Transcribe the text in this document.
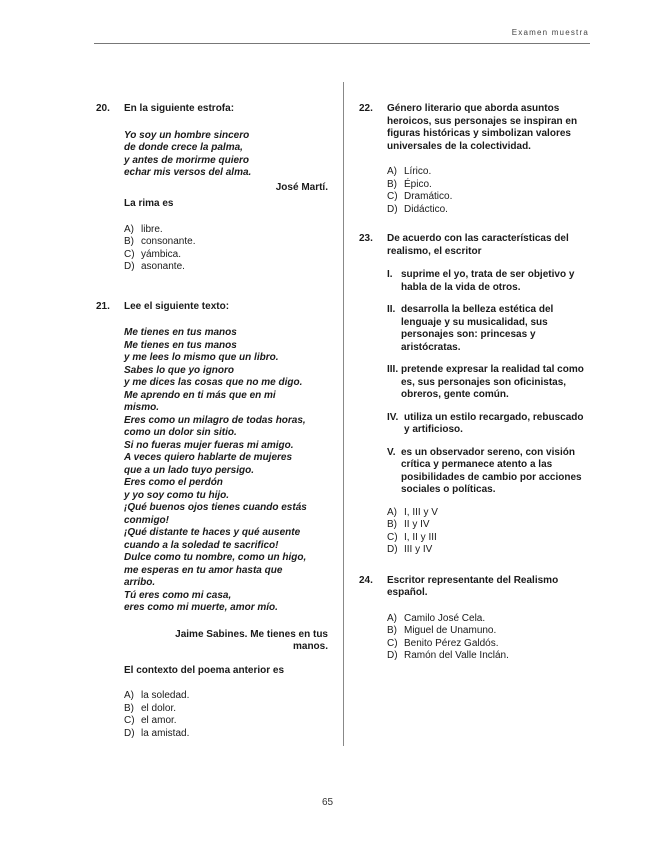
Examen muestra
20. En la siguiente estrofa:
Yo soy un hombre sincero
de donde crece la palma,
y antes de morirme quiero
echar mis versos del alma.
José Martí.
La rima es
A) libre.
B) consonante.
C) yámbica.
D) asonante.
21. Lee el siguiente texto:
Me tienes en tus manos
Me tienes en tus manos
y me lees lo mismo que un libro.
Sabes lo que yo ignoro
y me dices las cosas que no me digo.
Me aprendo en ti más que en mi
mismo.
Eres como un milagro de todas horas,
como un dolor sin sitio.
Si no fueras mujer fueras mi amigo.
A veces quiero hablarte de mujeres
que a un lado tuyo persigo.
Eres como el perdón
y yo soy como tu hijo.
¡Qué buenos ojos tienes cuando estás
conmigo!
¡Qué distante te haces y qué ausente
cuando a la soledad te sacrifico!
Dulce como tu nombre, como un higo,
me esperas en tu amor hasta que
arribo.
Tú eres como mi casa,
eres como mi muerte, amor mío.
Jaime Sabines. Me tienes en tus manos.
El contexto del poema anterior es
A) la soledad.
B) el dolor.
C) el amor.
D) la amistad.
22. Género literario que aborda asuntos heroicos, sus personajes se inspiran en figuras históricas y simbolizan valores universales de la colectividad.
A) Lírico.
B) Épico.
C) Dramático.
D) Didáctico.
23. De acuerdo con las características del realismo, el escritor
I. suprime el yo, trata de ser objetivo y habla de la vida de otros.
II. desarrolla la belleza estética del lenguaje y su musicalidad, sus personajes son: princesas y aristócratas.
III. pretende expresar la realidad tal como es, sus personajes son oficinistas, obreros, gente común.
IV. utiliza un estilo recargado, rebuscado y artificioso.
V. es un observador sereno, con visión crítica y permanece atento a las posibilidades de cambio por acciones sociales o políticas.
A) I, III y V
B) II y IV
C) I, II y III
D) III y IV
24. Escritor representante del Realismo español.
A) Camilo José Cela.
B) Miguel de Unamuno.
C) Benito Pérez Galdós.
D) Ramón del Valle Inclán.
65
